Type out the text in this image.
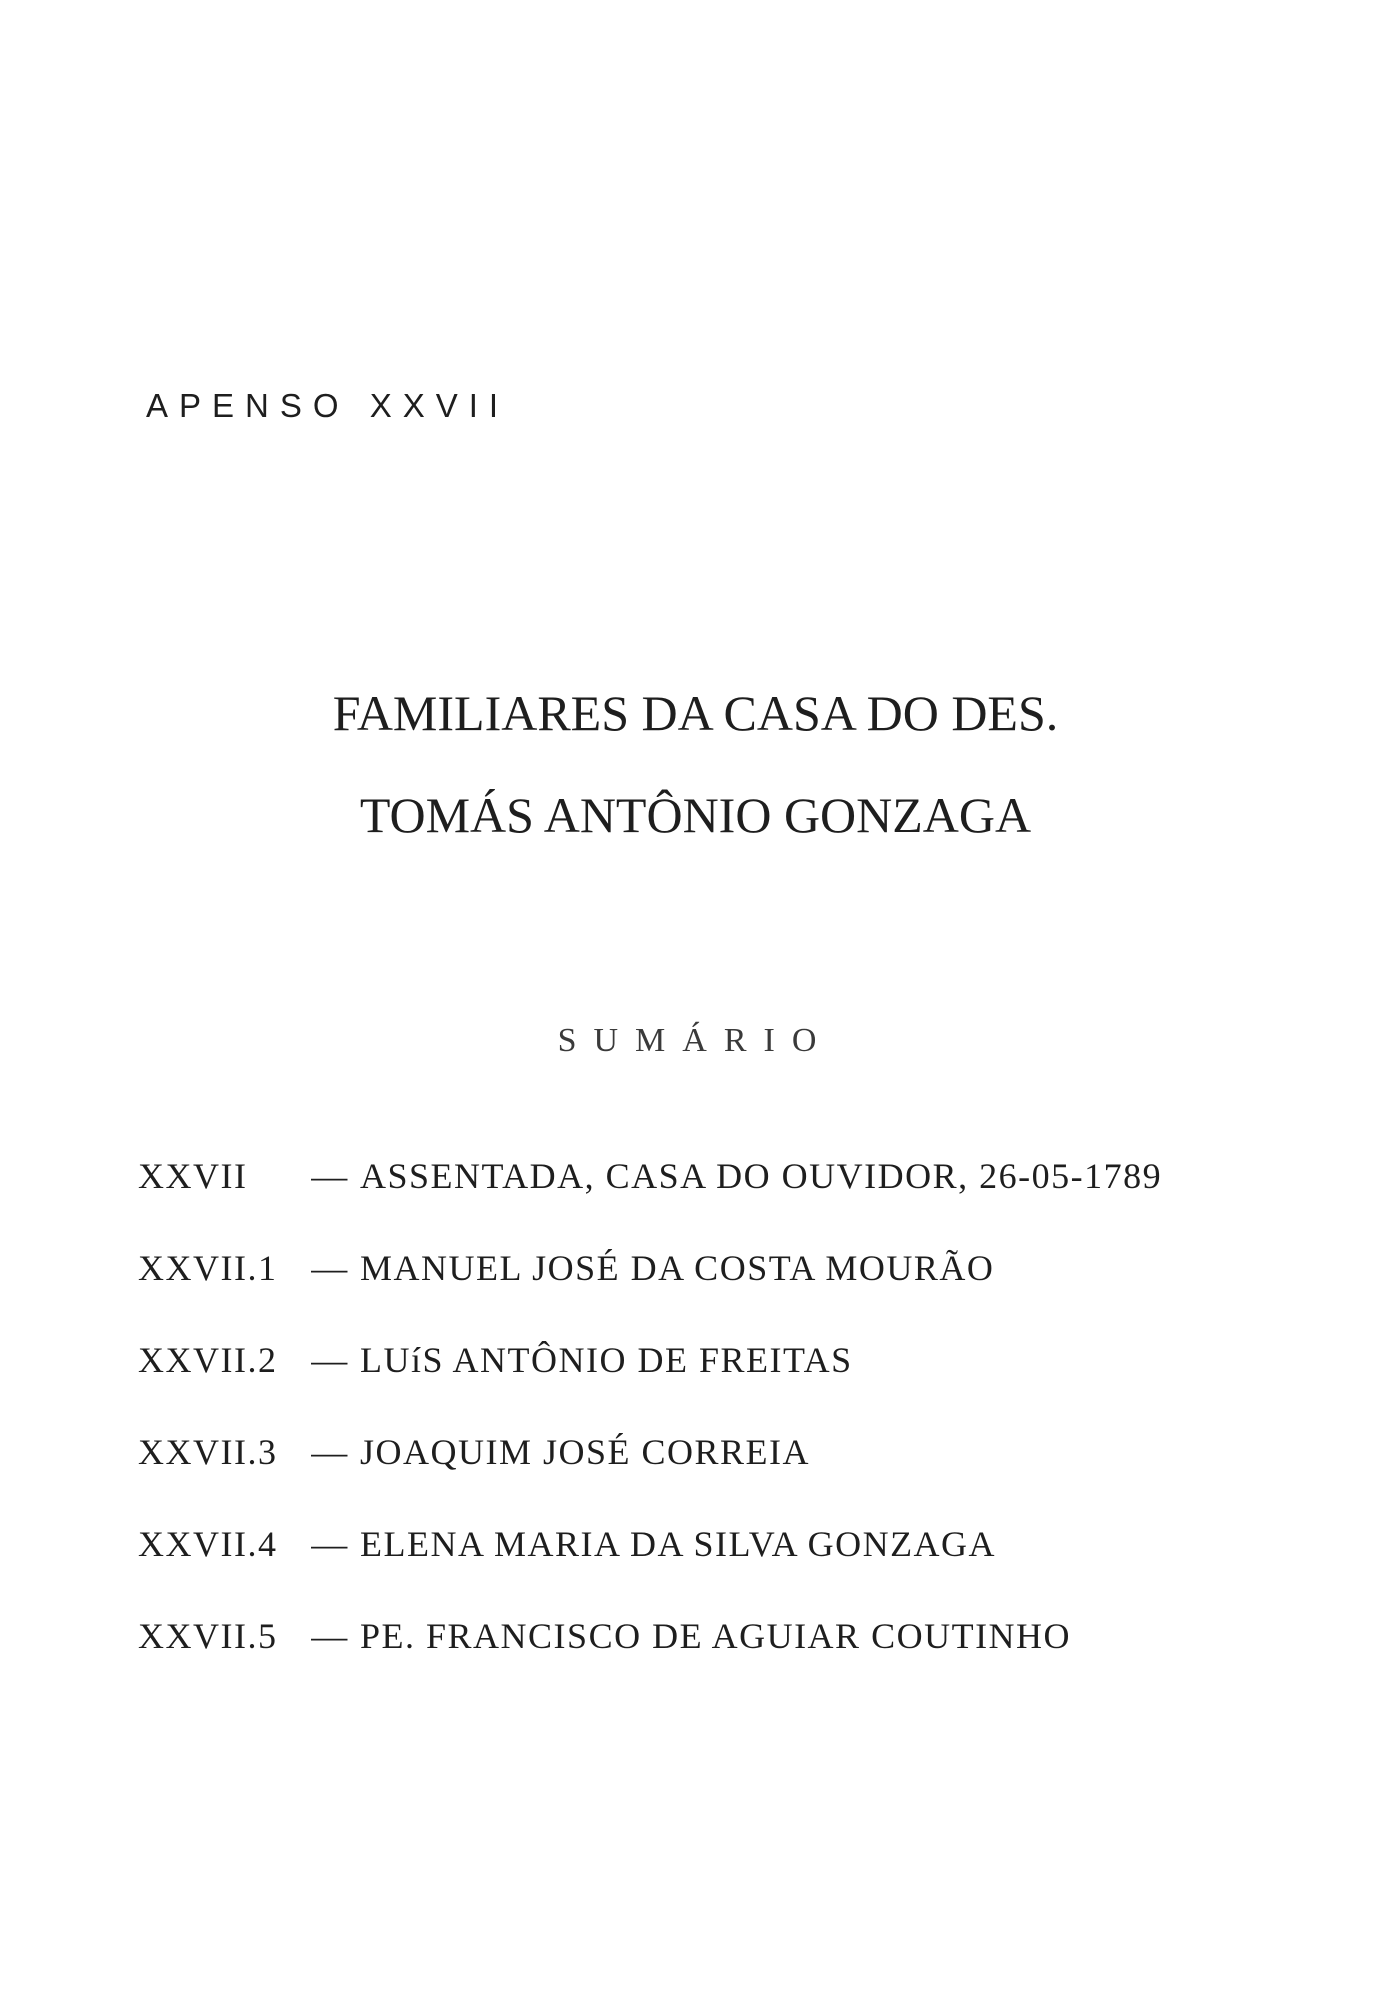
APENSO XXVII
FAMILIARES DA CASA DO DES.
TOMÁS ANTÔNIO GONZAGA
SUMÁRIO
XXVII	— ASSENTADA, CASA DO OUVIDOR, 26-05-1789
XXVII.1 — MANUEL JOSÉ DA COSTA MOURÃO
XXVII.2 — LUíS ANTÔNIO DE FREITAS
XXVII.3 — JOAQUIM JOSÉ CORREIA
XXVII.4 — ELENA MARIA DA SILVA GONZAGA
XXVII.5 — PE. FRANCISCO DE AGUIAR COUTINHO
